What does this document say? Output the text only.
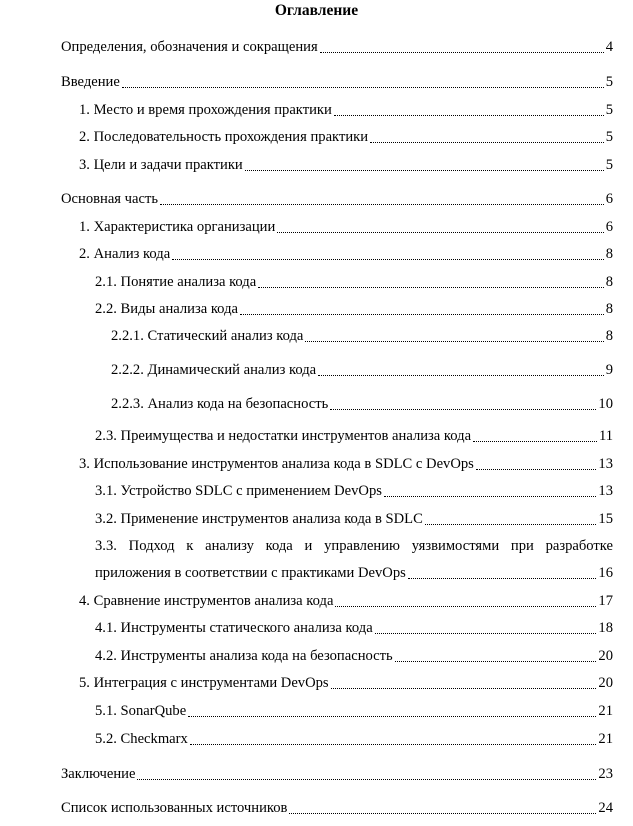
Оглавление
Определения, обозначения и сокращения	4
Введение	5
1. Место и время прохождения практики	5
2. Последовательность прохождения практики	5
3. Цели и задачи практики	5
Основная часть	6
1. Характеристика организации	6
2. Анализ кода	8
2.1. Понятие анализа кода	8
2.2. Виды анализа кода	8
2.2.1. Статический анализ кода	8
2.2.2. Динамический анализ кода	9
2.2.3. Анализ кода на безопасность	10
2.3. Преимущества и недостатки инструментов анализа кода	11
3. Использование инструментов анализа кода в SDLC с DevOps	13
3.1. Устройство SDLC с применением DevOps	13
3.2. Применение инструментов анализа кода в SDLC	15
3.3. Подход к анализу кода и управлению уязвимостями при разработке
приложения в соответствии с практиками DevOps	16
4. Сравнение инструментов анализа кода	17
4.1. Инструменты статического анализа кода	18
4.2. Инструменты анализа кода на безопасность	20
5. Интеграция с инструментами DevOps	20
5.1. SonarQube	21
5.2. Checkmarx	21
Заключение	23
Список использованных источников	24
